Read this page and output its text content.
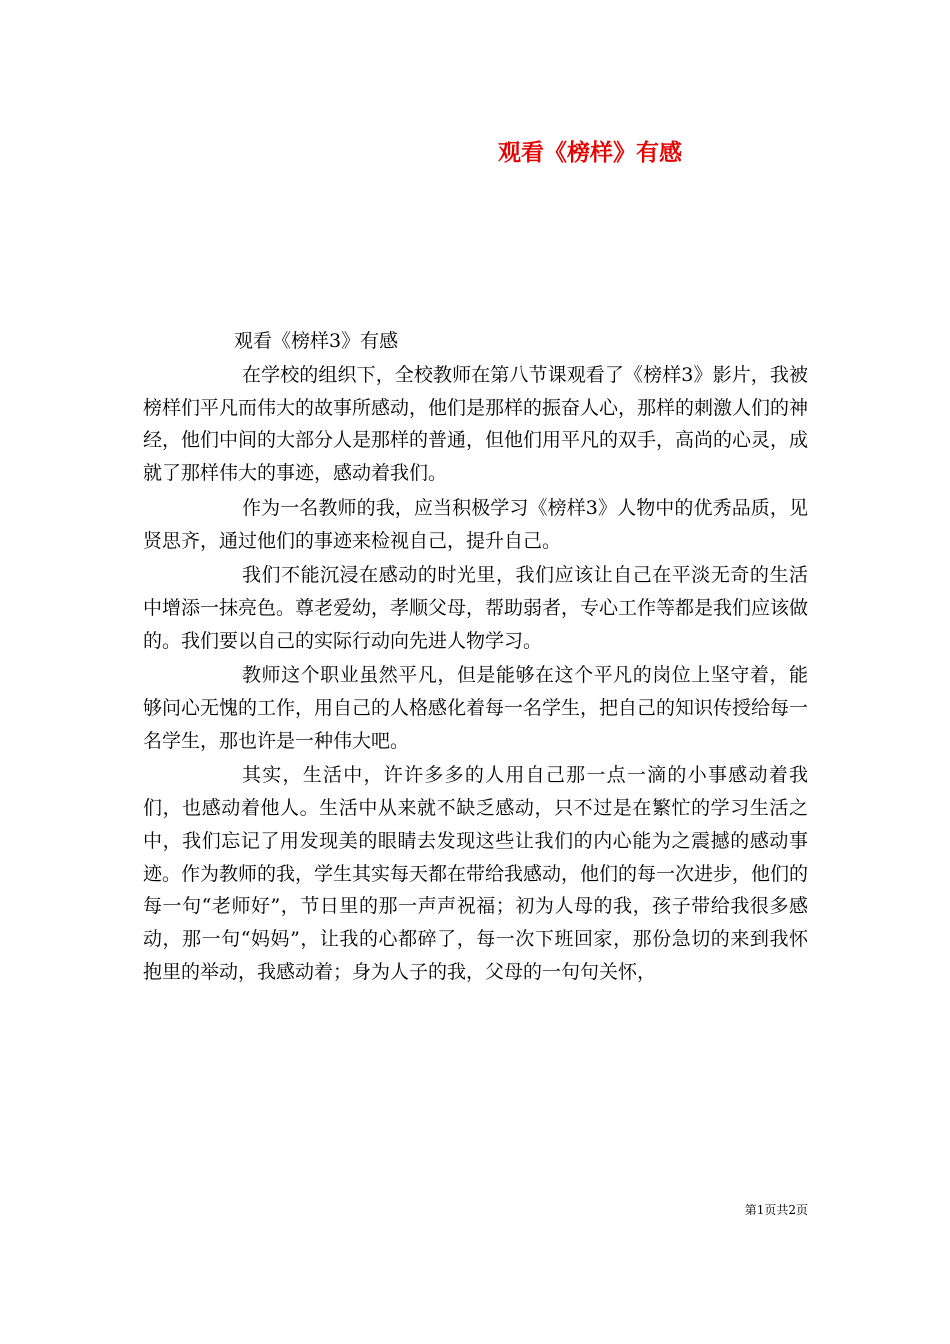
观看《榜样》有感

观看《榜样3》有感

在学校的组织下，全校教师在第八节课观看了《榜样3》影片，我被榜样们平凡而伟大的故事所感动，他们是那样的振奋人心，那样的刺激人们的神经，他们中间的大部分人是那样的普通，但他们用平凡的双手，高尚的心灵，成就了那样伟大的事迹，感动着我们。

作为一名教师的我，应当积极学习《榜样3》人物中的优秀品质，见贤思齐，通过他们的事迹来检视自己，提升自己。

我们不能沉浸在感动的时光里，我们应该让自己在平淡无奇的生活中增添一抹亮色。尊老爱幼，孝顺父母，帮助弱者，专心工作等都是我们应该做的。我们要以自己的实际行动向先进人物学习。

教师这个职业虽然平凡，但是能够在这个平凡的岗位上坚守着，能够问心无愧的工作，用自己的人格感化着每一名学生，把自己的知识传授给每一名学生，那也许是一种伟大吧。

其实，生活中，许许多多的人用自己那一点一滴的小事感动着我们，也感动着他人。生活中从来就不缺乏感动，只不过是在繁忙的学习生活之中，我们忘记了用发现美的眼睛去发现这些让我们的内心能为之震撼的感动事迹。作为教师的我，学生其实每天都在带给我感动，他们的每一次进步，他们的每一句“老师好”，节日里的那一声声祝福；初为人母的我，孩子带给我很多感动，那一句“妈妈”，让我的心都碎了，每一次下班回家，那份急切的来到我怀抱里的举动，我感动着；身为人子的我，父母的一句句关怀，

第1页共2页
